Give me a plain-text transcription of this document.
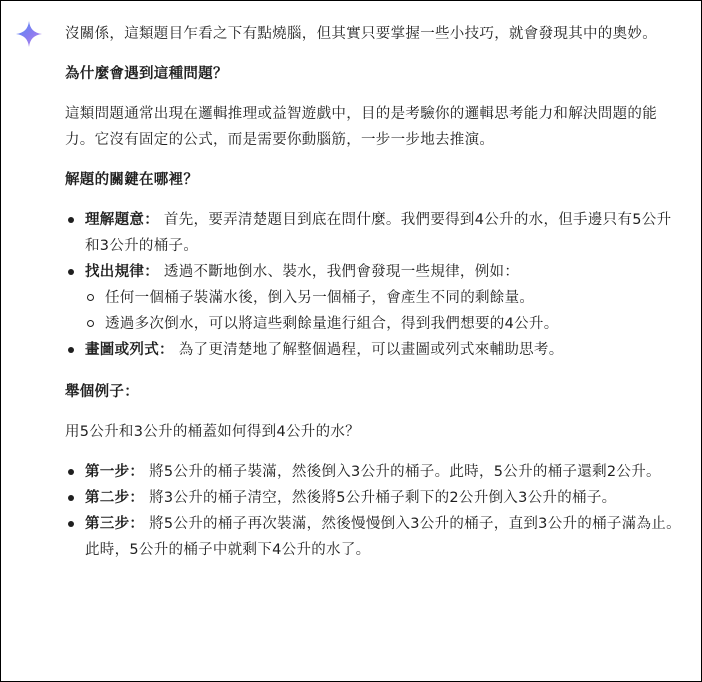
沒關係，這類題目乍看之下有點燒腦，但其實只要掌握一些小技巧，就會發現其中的奧妙。

為什麼會遇到這種問題？

這類問題通常出現在邏輯推理或益智遊戲中，目的是考驗你的邏輯思考能力和解決問題的能力。它沒有固定的公式，而是需要你動腦筋，一步一步地去推演。

解題的關鍵在哪裡？

理解題意： 首先，要弄清楚題目到底在問什麼。我們要得到4公升的水，但手邊只有5公升和3公升的桶子。
找出規律： 透過不斷地倒水、裝水，我們會發現一些規律，例如：
任何一個桶子裝滿水後，倒入另一個桶子，會產生不同的剩餘量。
透過多次倒水，可以將這些剩餘量進行組合，得到我們想要的4公升。
畫圖或列式： 為了更清楚地了解整個過程，可以畫圖或列式來輔助思考。

舉個例子：

用5公升和3公升的桶蓋如何得到4公升的水？

第一步： 將5公升的桶子裝滿，然後倒入3公升的桶子。此時，5公升的桶子還剩2公升。
第二步： 將3公升的桶子清空，然後將5公升桶子剩下的2公升倒入3公升的桶子。
第三步： 將5公升的桶子再次裝滿，然後慢慢倒入3公升的桶子，直到3公升的桶子滿為止。此時，5公升的桶子中就剩下4公升的水了。
